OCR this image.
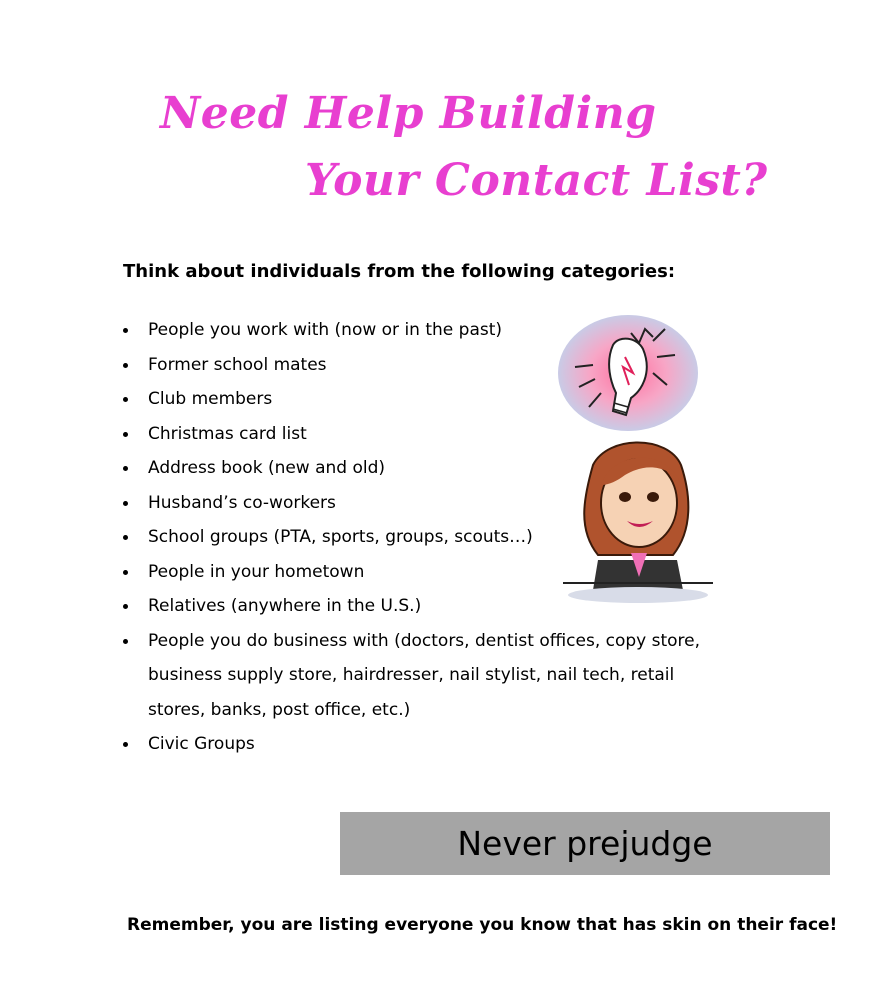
Need Help Building
Your Contact List?

Think about individuals from the following categories:

People you work with (now or in the past)
Former school mates
Club members
Christmas card list
Address book (new and old)
Husband’s co-workers
School groups (PTA, sports, groups, scouts…)
People in your hometown
Relatives (anywhere in the U.S.)
People you do business with (doctors, dentist offices, copy store, business supply store, hairdresser, nail stylist, nail tech, retail stores, banks, post office, etc.)
Civic Groups
Never prejudge

Remember, you are listing everyone you know that has skin on their face!
